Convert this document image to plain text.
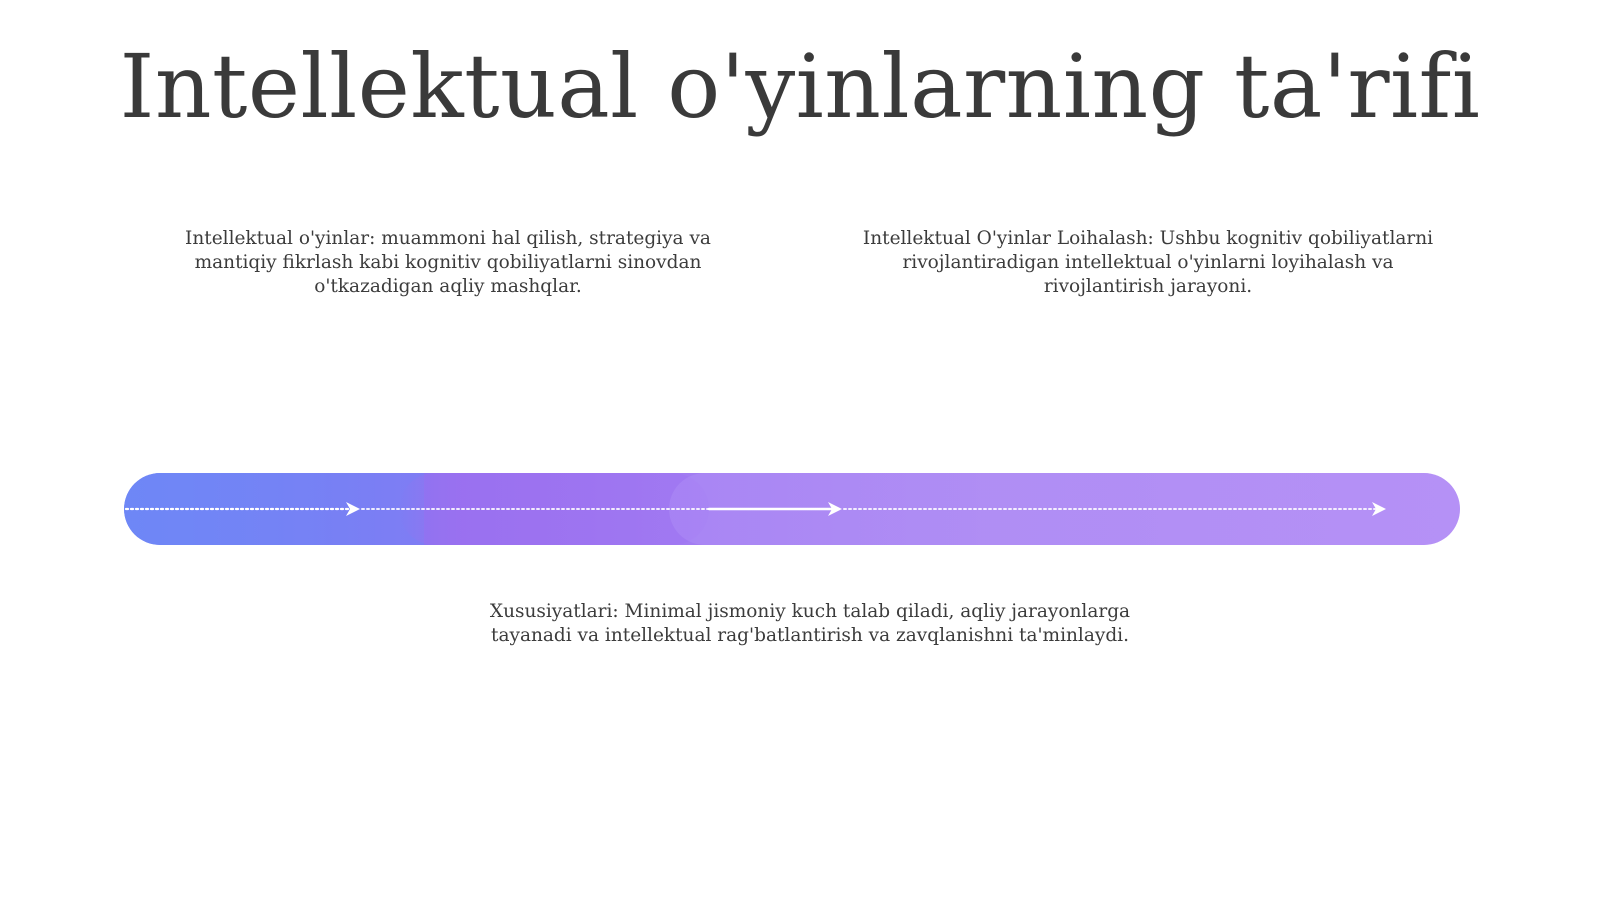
Intellektual o'yinlarning ta'rifi
Intellektual o'yinlar: muammoni hal qilish, strategiya va mantiqiy fikrlash kabi kognitiv qobiliyatlarni sinovdan o'tkazadigan aqliy mashqlar.
Intellektual O'yinlar Loihalash: Ushbu kognitiv qobiliyatlarni rivojlantiradigan intellektual o'yinlarni loyihalash va rivojlantirish jarayoni.
Xususiyatlari: Minimal jismoniy kuch talab qiladi, aqliy jarayonlarga tayanadi va intellektual rag'batlantirish va zavqlanishni ta'minlaydi.
